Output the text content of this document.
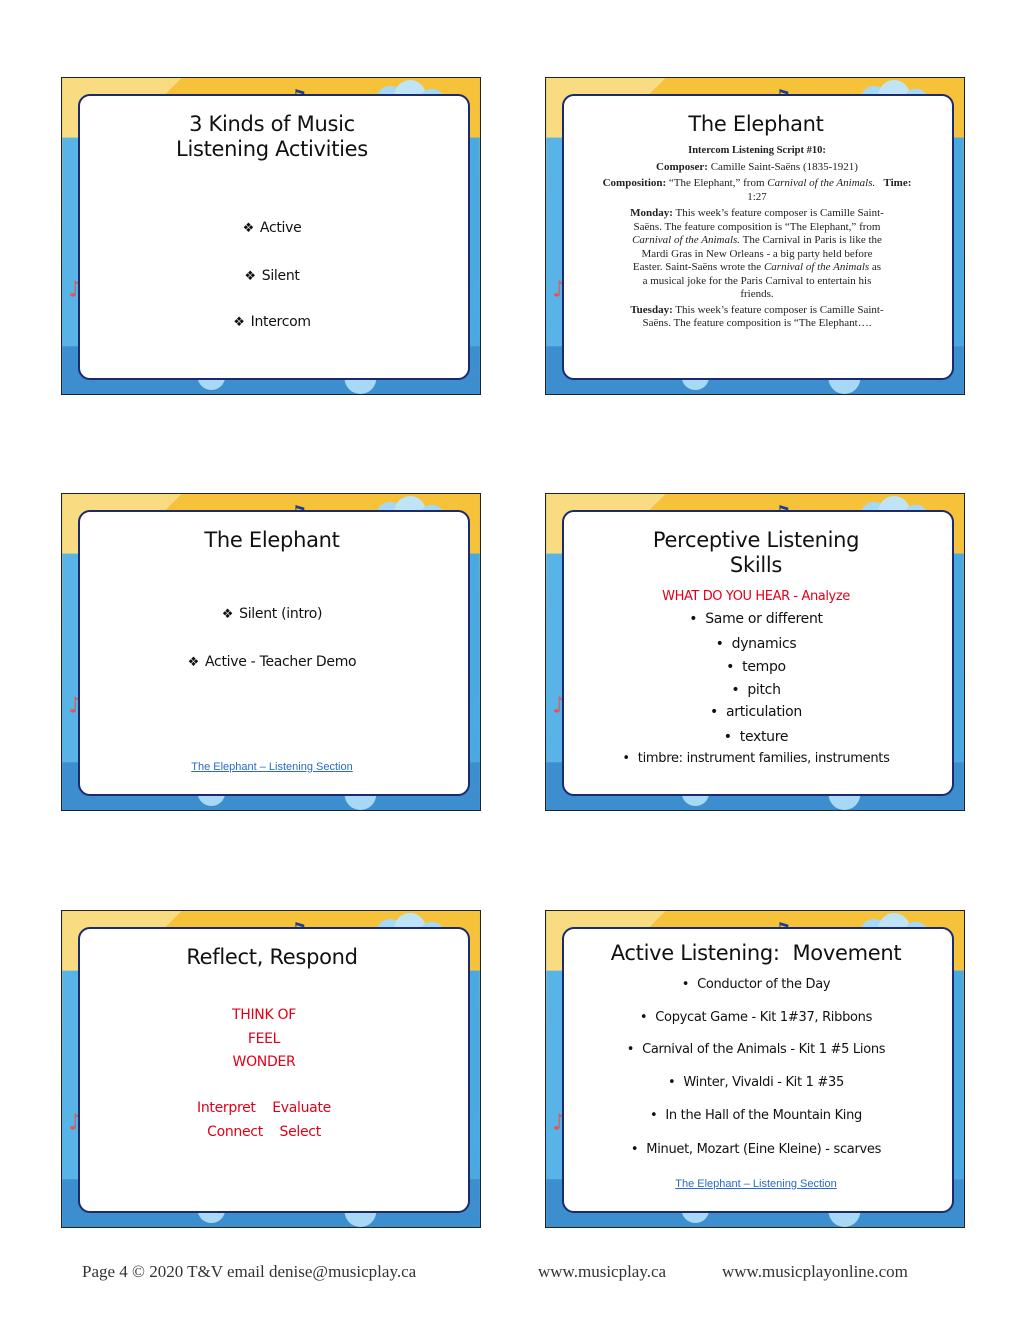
3 Kinds of Music
Listening Activities
❖ Active
❖ Silent
❖ Intercom
The Elephant

Intercom Listening Script #10:

Composer: Camille Saint-Saëns (1835-1921)

Composition: “The Elephant,” from Carnival of the Animals. Time: 1:27

Monday: This week’s feature composer is Camille Saint-
Saëns. The feature composition is “The Elephant,” from
Carnival of the Animals. The Carnival in Paris is like the
Mardi Gras in New Orleans - a big party held before
Easter. Saint-Saëns wrote the Carnival of the Animals as
a musical joke for the Paris Carnival to entertain his
friends.

Tuesday: This week’s feature composer is Camille Saint-
Saëns. The feature composition is “The Elephant….

The Elephant
❖ Silent (intro)
❖ Active - Teacher Demo
The Elephant – Listening Section
Perceptive Listening
Skills
WHAT DO YOU HEAR - Analyze
• Same or different
• dynamics
• tempo
• pitch
• articulation
• texture
• timbre: instrument families, instruments
Reflect, Respond
THINK OF
FEEL
WONDER
Interpret    Evaluate
Connect    Select
Active Listening:  Movement
• Conductor of the Day
• Copycat Game - Kit 1#37, Ribbons
• Carnival of the Animals - Kit 1 #5 Lions
• Winter, Vivaldi - Kit 1 #35
• In the Hall of the Mountain King
• Minuet, Mozart (Eine Kleine) - scarves
The Elephant – Listening Section
Page 4 © 2020 T&V email denise@musicplay.ca	www.musicplay.ca	www.musicplayonline.com
